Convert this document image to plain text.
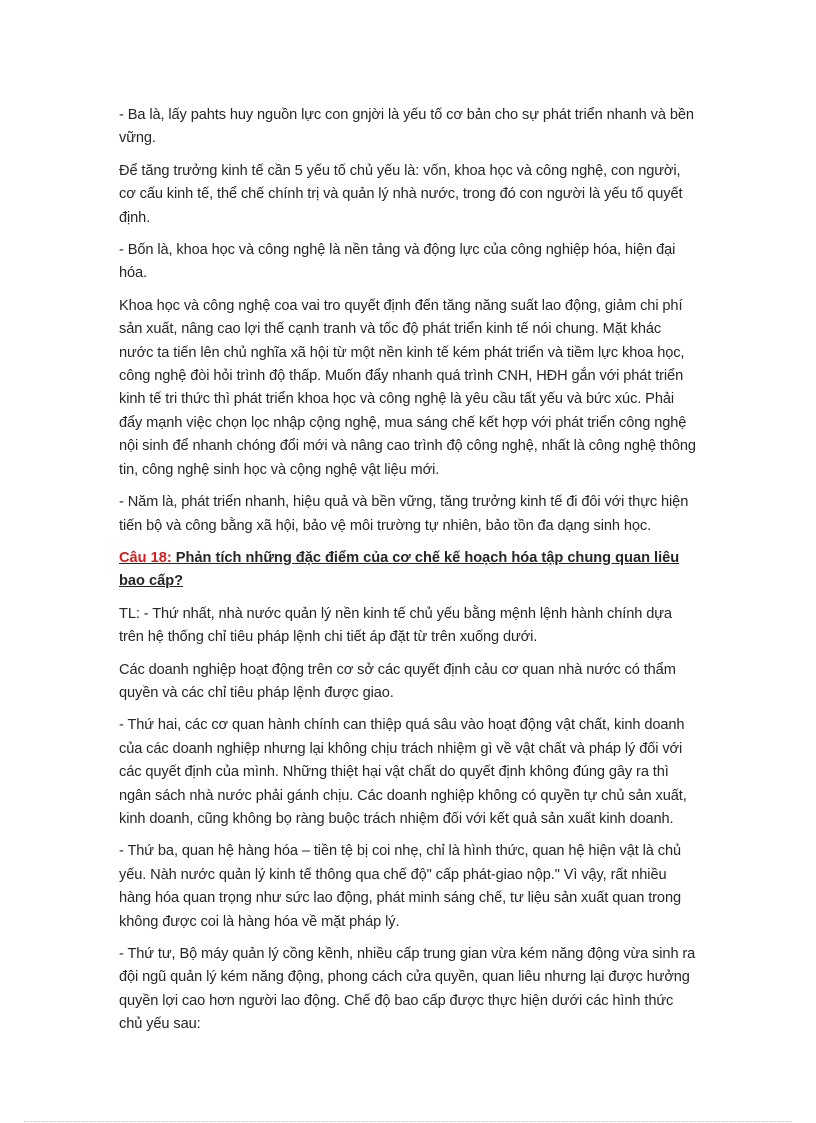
- Ba là, lấy pahts huy nguồn lực con gnjời là yếu tố cơ bản cho sự phát triển nhanh và bền vững.

Để tăng trưởng kinh tế cần 5 yếu tố chủ yếu là: vốn, khoa học và công nghệ, con người, cơ cấu kinh tế, thể chế chính trị và quản lý nhà nước, trong đó con người là yếu tố quyết định.

- Bốn là, khoa học và công nghệ là nền tảng và động lực của công nghiệp hóa, hiện đại hóa.

Khoa học và công nghệ coa vai tro quyết định đến tăng năng suất lao động, giảm chi phí sản xuất, nâng cao lợi thế cạnh tranh và tốc độ phát triển kinh tế nói chung. Mặt khác nước ta tiến lên chủ nghĩa xã hội từ một nền kinh tế kém phát triển và tiềm lực khoa học, công nghệ đòi hỏi trình độ thấp. Muốn đẩy nhanh quá trình CNH, HĐH gắn với phát triển kinh tế tri thức thì phát triển khoa học và công nghệ là yêu cầu tất yếu và bức xúc. Phải đẩy mạnh việc chọn lọc nhập cộng nghệ, mua sáng chế kết hợp với phát triển công nghệ nội sinh để nhanh chóng đổi mới và nâng cao trình độ công nghệ, nhất là công nghệ thông tin, công nghệ sinh học và cộng nghệ vật liệu mới.

- Năm là, phát triển nhanh, hiệu quả và bền vững, tăng trưởng kinh tế đi đôi với thực hiện tiến bộ và công bằng xã hội, bảo vệ môi trường tự nhiên, bảo tồn đa dạng sinh học.

Câu 18: Phản tích những đặc điểm của cơ chế kế hoạch hóa tập chung quan liêu bao cấp?

TL: - Thứ nhất, nhà nước quản lý nền kinh tế chủ yếu bằng mệnh lệnh hành chính dựa trên hệ thống chỉ tiêu pháp lệnh chi tiết áp đặt từ trên xuống dưới.

Các doanh nghiệp hoạt động trên cơ sở các quyết định cảu cơ quan nhà nước có thẩm quyền và các chỉ tiêu pháp lệnh được giao.

- Thứ hai, các cơ quan hành chính can thiệp quá sâu vào hoạt động vật chất, kinh doanh của các doanh nghiệp nhưng lại không chịu trách nhiệm gì về vật chất và pháp lý đối với các quyết định của mình. Những thiệt hại vật chất do quyết định không đúng gây ra thì ngân sách nhà nước phải gánh chịu. Các doanh nghiệp không có quyền tự chủ sản xuất, kinh doanh, cũng không bọ ràng buộc trách nhiệm đối với kết quả sản xuất kinh doanh.

- Thứ ba, quan hệ hàng hóa – tiền tệ bị coi nhẹ, chỉ là hình thức, quan hệ hiện vật là chủ yếu. Nàh nước quản lý kinh tế thông qua chế độ" cấp phát-giao nộp." Vì vậy, rất nhiều hàng hóa quan trọng như sức lao động, phát minh sáng chế, tư liệu sản xuất quan trong không được coi là hàng hóa về mặt pháp lý.

- Thứ tư, Bộ máy quản lý cồng kềnh, nhiều cấp trung gian vừa kém năng động vừa sinh ra đội ngũ quản lý kém năng động, phong cách cửa quyền, quan liêu nhưng lại được hưởng quyền lợi cao hơn người lao động. Chế độ bao cấp được thực hiện dưới các hình thức chủ yếu sau:
